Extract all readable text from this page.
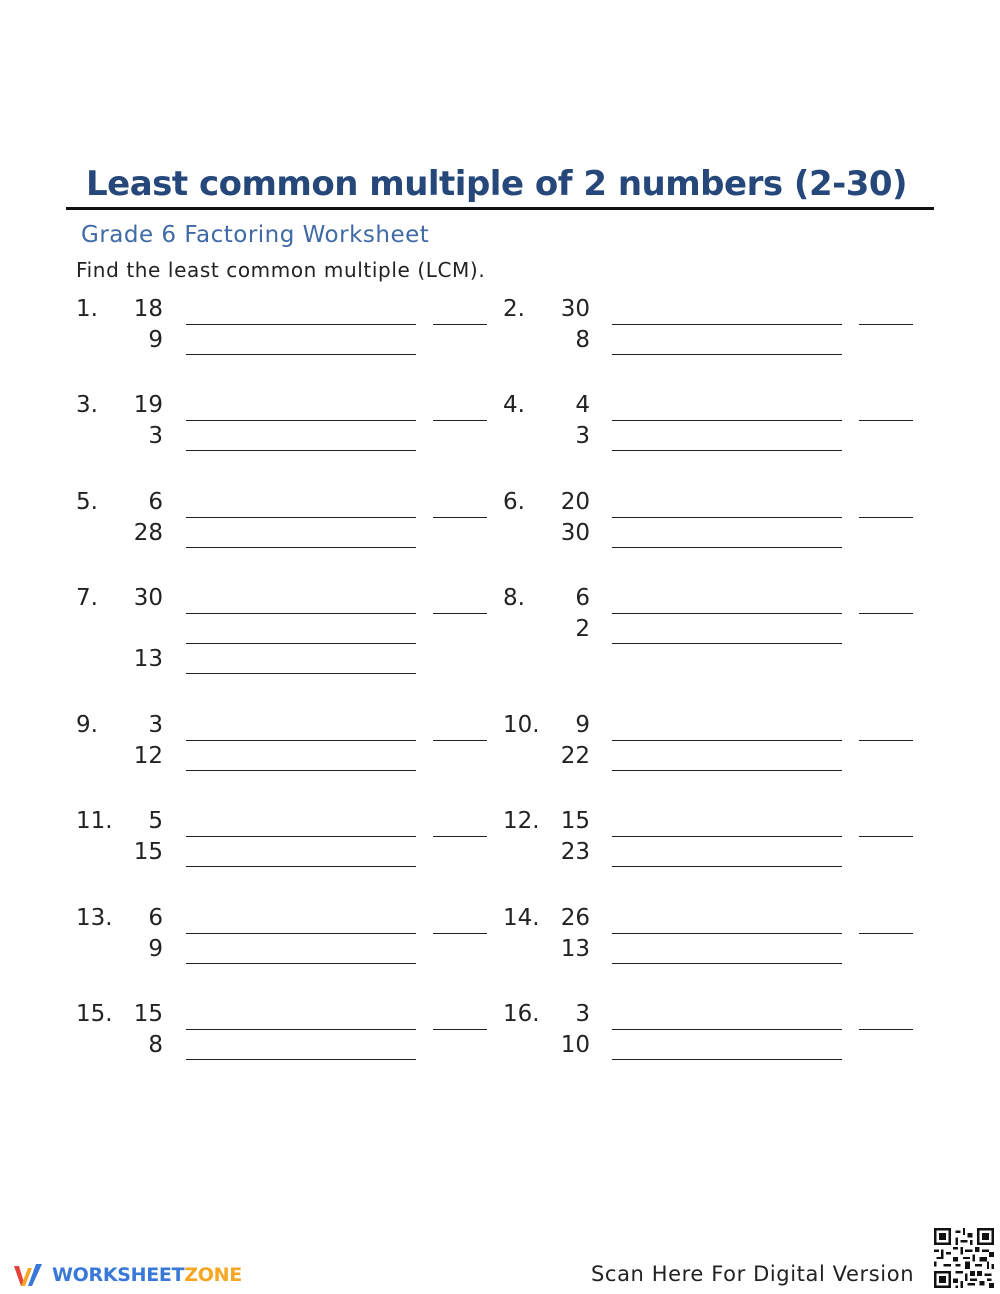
Least common multiple of 2 numbers (2-30)
Grade 6 Factoring Worksheet
Find the least common multiple (LCM).
1.	18
9
2.	30
8
3.	19
3
4.	4
3
5.	6
28
6.	20
30
7.	30
13
8.	6
2
9.	3
12
10.	9
22
11.	5
15
12. 15
23
13.	6
9
14. 26
13
15. 15
8
16.	3
10
WORKSHEETZONE	Scan Here For Digital Version
